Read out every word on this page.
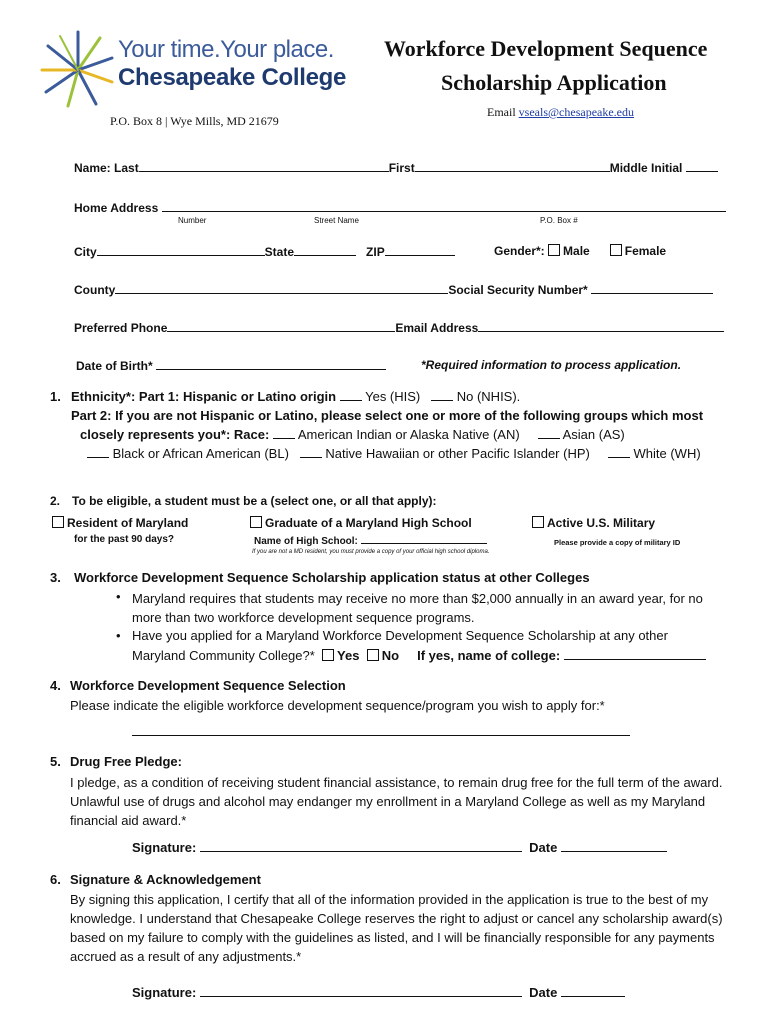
Your time.Your place.
Chesapeake College
P.O. Box 8 | Wye Mills, MD 21679
Workforce Development Sequence
Scholarship Application
Email vseals@chesapeake.edu
Name: Last	First	Middle Initial
Home Address
Number	Street Name	P.O. Box #
City	State	ZIP	Gender*: Male	Female
County	Social Security Number*
Preferred Phone	Email Address
Date of Birth*	*Required information to process application.
1. Ethnicity*: Part 1: Hispanic or Latino origin Yes (HIS)	No (NHIS).
Part 2: If you are not Hispanic or Latino, please select one or more of the following groups which most
closely represents you*: Race: American Indian or Alaska Native (AN)	Asian (AS)
Black or African American (BL)	Native Hawaiian or other Pacific Islander (HP)	White (WH)
2. To be eligible, a student must be a (select one, or all that apply):
Resident of Maryland
for the past 90 days?
Graduate of a Maryland High School
Name of High School:
If you are not a MD resident, you must provide a copy of your official high school diploma.
Active U.S. Military
Please provide a copy of military ID
3. Workforce Development Sequence Scholarship application status at other Colleges
• Maryland requires that students may receive no more than $2,000 annually in an award year, for no more than two workforce development sequence programs.
• Have you applied for a Maryland Workforce Development Sequence Scholarship at any other
Maryland Community College?* Yes No If yes, name of college:
4. Workforce Development Sequence Selection
Please indicate the eligible workforce development sequence/program you wish to apply for:*
5. Drug Free Pledge:
I pledge, as a condition of receiving student financial assistance, to remain drug free for the full term of the award. Unlawful use of drugs and alcohol may endanger my enrollment in a Maryland College as well as my Maryland financial aid award.*
Signature:	Date
6. Signature & Acknowledgement
By signing this application, I certify that all of the information provided in the application is true to the best of my knowledge. I understand that Chesapeake College reserves the right to adjust or cancel any scholarship award(s) based on my failure to comply with the guidelines as listed, and I will be financially responsible for any payments accrued as a result of any adjustments.*
Signature:	Date
